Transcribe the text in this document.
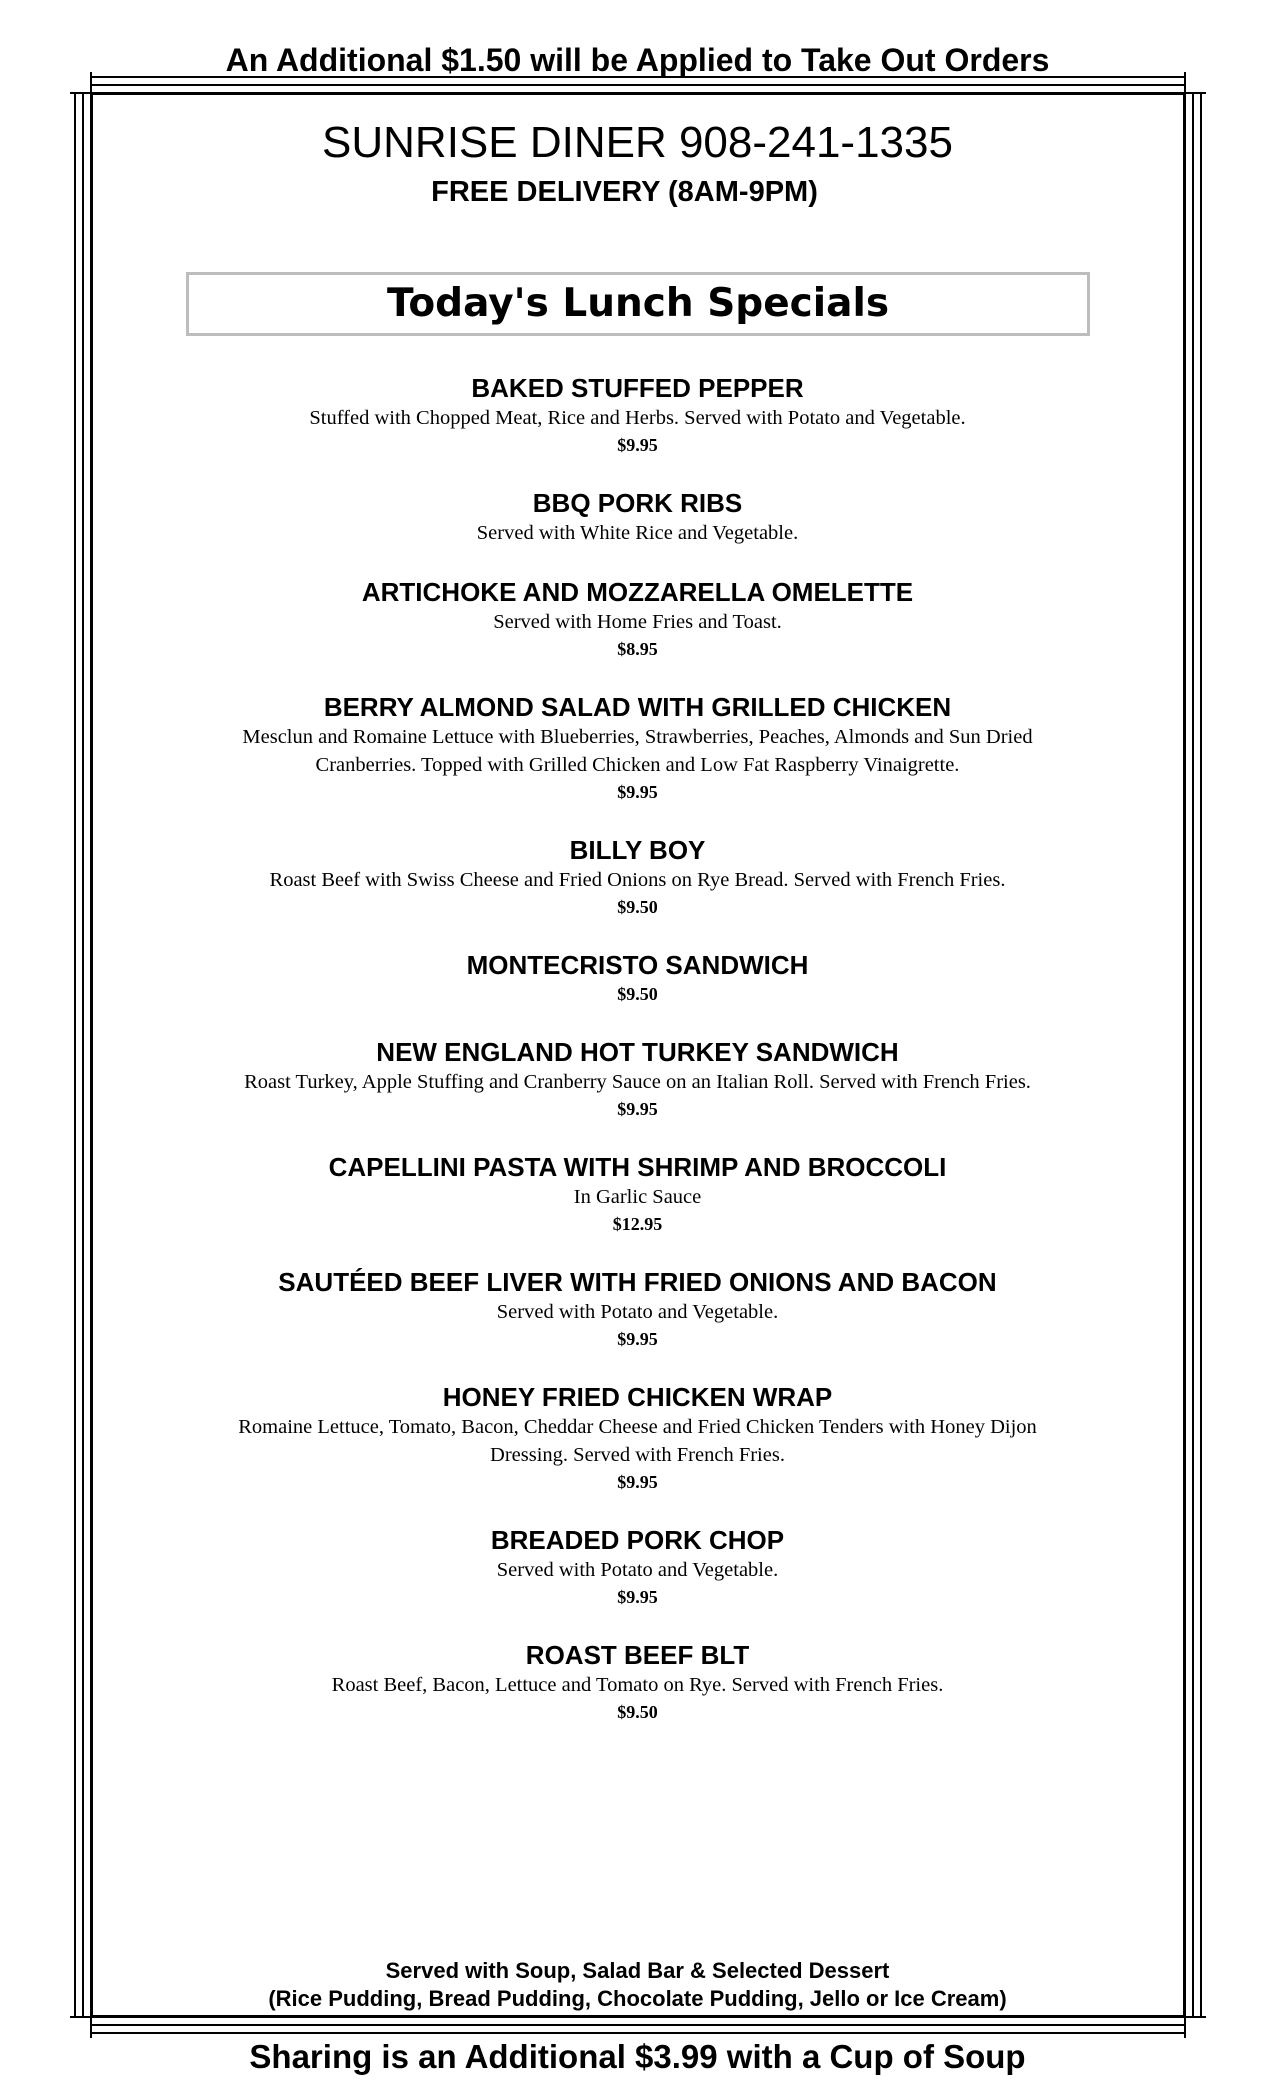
An Additional $1.50 will be Applied to Take Out Orders
SUNRISE DINER 908-241-1335
FREE DELIVERY (8AM-9PM)
Today's Lunch Specials
BAKED STUFFED PEPPER
Stuffed with Chopped Meat, Rice and Herbs. Served with Potato and Vegetable.
$9.95
BBQ PORK RIBS
Served with White Rice and Vegetable.
ARTICHOKE AND MOZZARELLA OMELETTE
Served with Home Fries and Toast.
$8.95
BERRY ALMOND SALAD WITH GRILLED CHICKEN
Mesclun and Romaine Lettuce with Blueberries, Strawberries, Peaches, Almonds and Sun Dried Cranberries. Topped with Grilled Chicken and Low Fat Raspberry Vinaigrette.
$9.95
BILLY BOY
Roast Beef with Swiss Cheese and Fried Onions on Rye Bread. Served with French Fries.
$9.50
MONTECRISTO SANDWICH
$9.50
NEW ENGLAND HOT TURKEY SANDWICH
Roast Turkey, Apple Stuffing and Cranberry Sauce on an Italian Roll. Served with French Fries.
$9.95
CAPELLINI PASTA WITH SHRIMP AND BROCCOLI
In Garlic Sauce
$12.95
SAUTÉED BEEF LIVER WITH FRIED ONIONS AND BACON
Served with Potato and Vegetable.
$9.95
HONEY FRIED CHICKEN WRAP
Romaine Lettuce, Tomato, Bacon, Cheddar Cheese and Fried Chicken Tenders with Honey Dijon Dressing. Served with French Fries.
$9.95
BREADED PORK CHOP
Served with Potato and Vegetable.
$9.95
ROAST BEEF BLT
Roast Beef, Bacon, Lettuce and Tomato on Rye. Served with French Fries.
$9.50
Served with Soup, Salad Bar & Selected Dessert
(Rice Pudding, Bread Pudding, Chocolate Pudding, Jello or Ice Cream)
Sharing is an Additional $3.99 with a Cup of Soup
